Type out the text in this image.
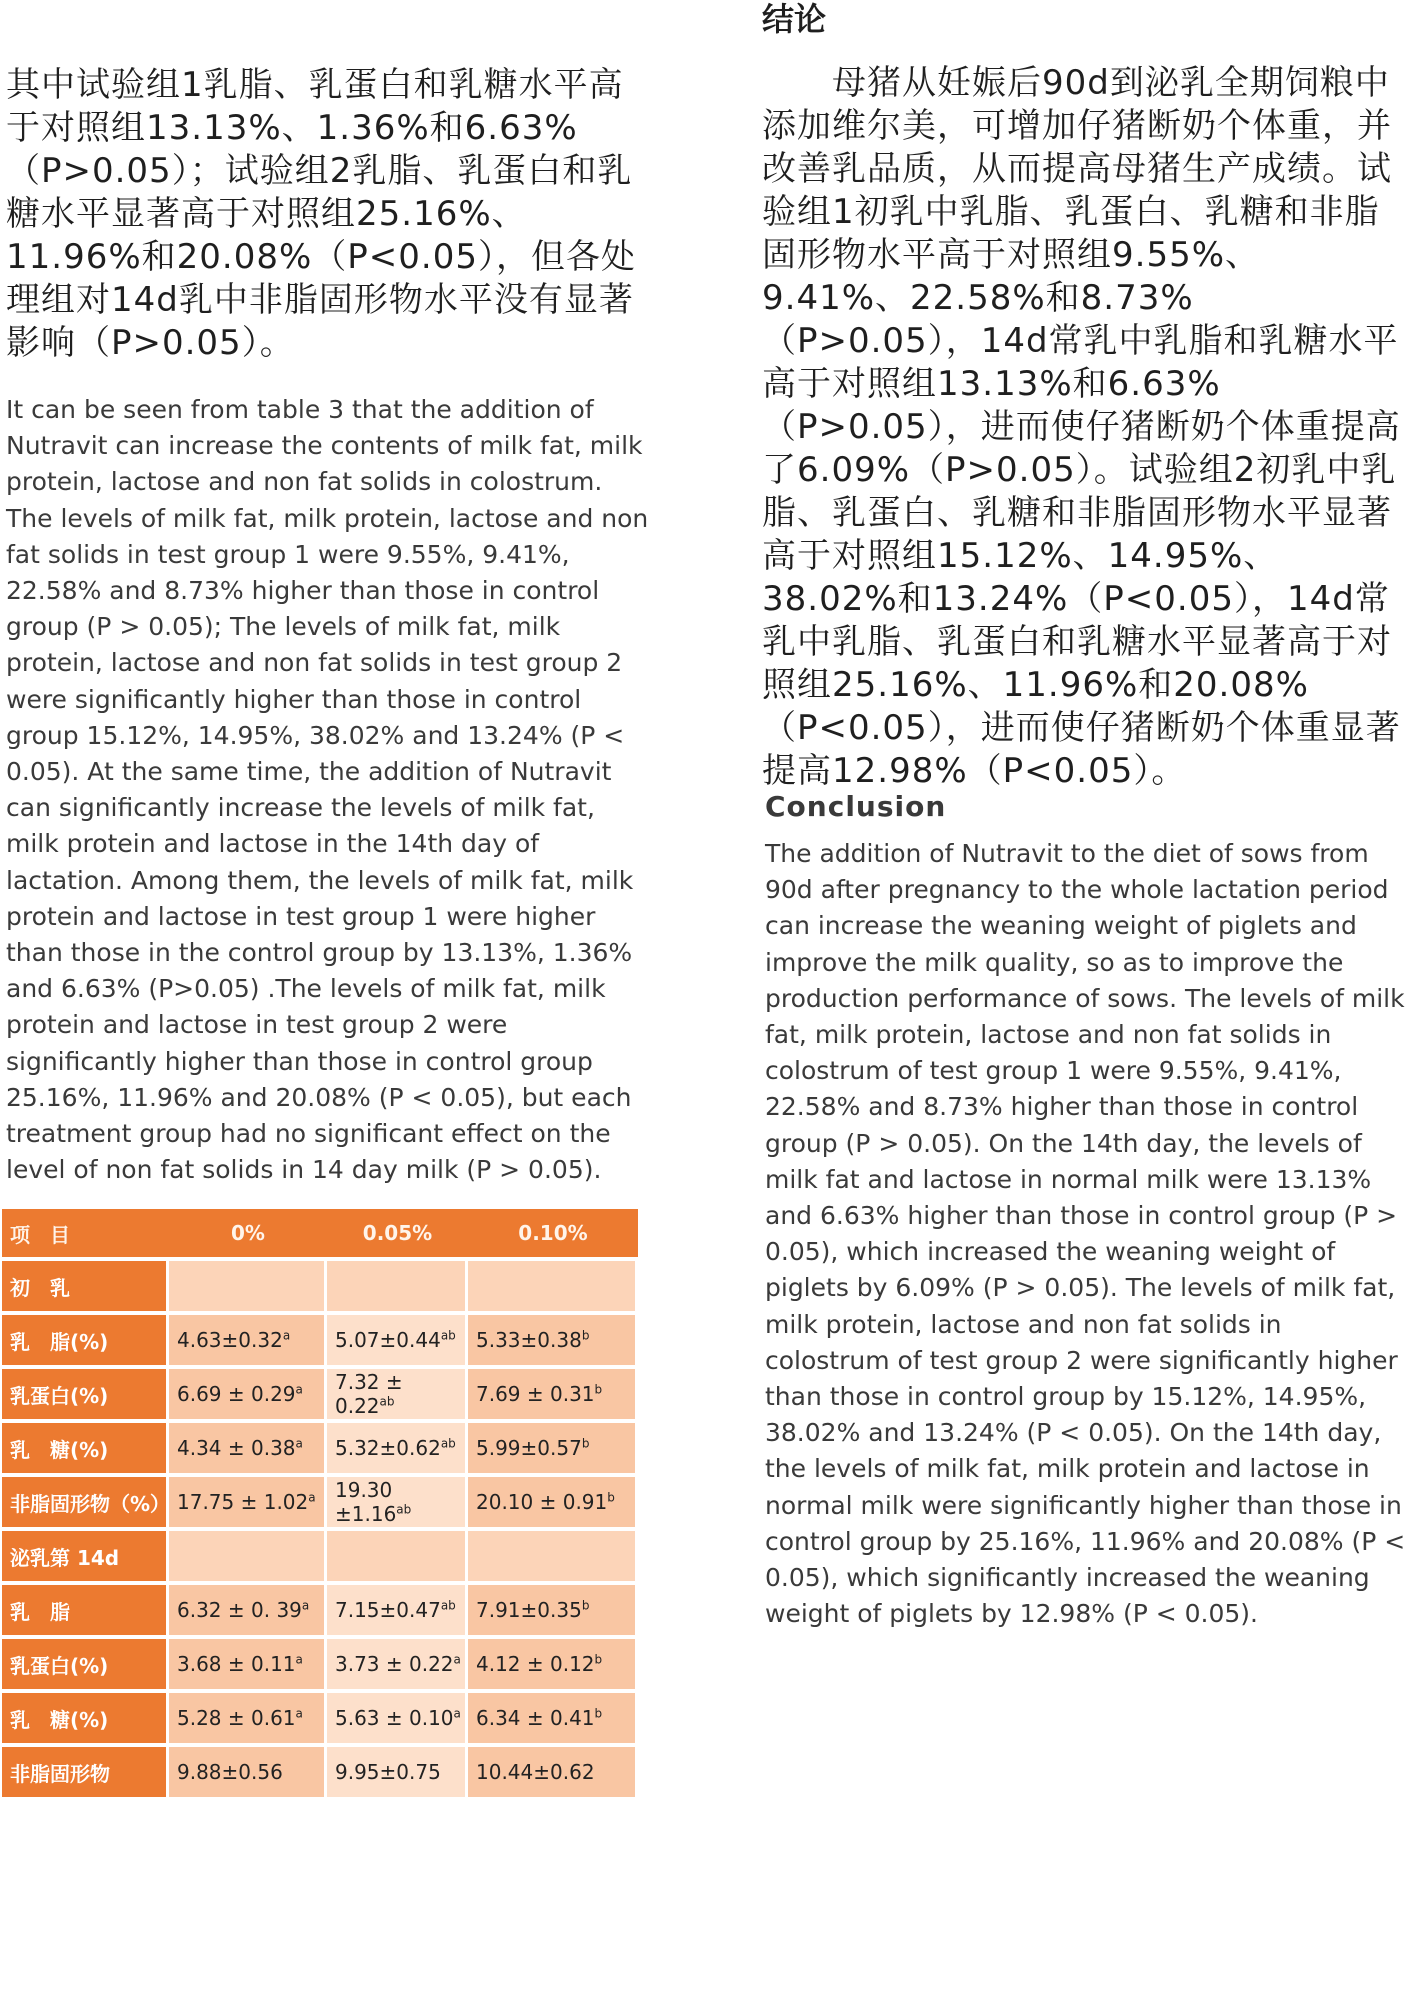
其中试验组1乳脂、乳蛋白和乳糖水平高于对照组13.13%、1.36%和6.63%（P>0.05）；试验组2乳脂、乳蛋白和乳糖水平显著高于对照组25.16%、11.96%和20.08%（P<0.05），但各处理组对14d乳中非脂固形物水平没有显著影响（P>0.05）。

It can be seen from table 3 that the addition of Nutravit can increase the contents of milk fat, milk protein, lactose and non fat solids in colostrum. The levels of milk fat, milk protein, lactose and non fat solids in test group 1 were 9.55%, 9.41%, 22.58% and 8.73% higher than those in control group (P > 0.05); The levels of milk fat, milk protein, lactose and non fat solids in test group 2 were significantly higher than those in control group 15.12%, 14.95%, 38.02% and 13.24% (P < 0.05). At the same time, the addition of Nutravit can significantly increase the levels of milk fat, milk protein and lactose in the 14th day of lactation. Among them, the levels of milk fat, milk protein and lactose in test group 1 were higher than those in the control group by 13.13%, 1.36% and 6.63% (P>0.05) .The levels of milk fat, milk protein and lactose in test group 2 were significantly higher than those in control group 25.16%, 11.96% and 20.08% (P < 0.05), but each treatment group had no significant effect on the level of non fat solids in 14 day milk (P > 0.05).

项　目	0%	0.05%	0.10%
初　乳			
乳　脂(%)	4.63±0.32$^a$	5.07±0.44$^{ab}$	5.33±0.38$^b$
乳蛋白(%)	6.69 ± 0.29$^a$	7.32 ± 0.22$^{ab}$	7.69 ± 0.31$^b$
乳　糖(%)	4.34 ± 0.38$^a$	5.32±0.62$^{ab}$	5.99±0.57$^b$
非脂固形物（%）	17.75 ± 1.02$^a$	19.30 ±1.16$^{ab}$	20.10 ± 0.91$^b$
泌乳第 14d			
乳　脂	6.32 ± 0. 39$^a$	7.15±0.47$^{ab}$	7.91±0.35$^b$
乳蛋白(%)	3.68 ± 0.11$^a$	3.73 ± 0.22$^a$	4.12 ± 0.12$^b$
乳　糖(%)	5.28 ± 0.61$^a$	5.63 ± 0.10$^a$	6.34 ± 0.41$^b$
非脂固形物	9.88±0.56	9.95±0.75	10.44±0.62
结论

　　母猪从妊娠后90d到泌乳全期饲粮中添加维尔美，可增加仔猪断奶个体重，并改善乳品质，从而提高母猪生产成绩。试验组1初乳中乳脂、乳蛋白、乳糖和非脂固形物水平高于对照组9.55%、9.41%、22.58%和8.73%（P>0.05），14d常乳中乳脂和乳糖水平高于对照组13.13%和6.63%（P>0.05），进而使仔猪断奶个体重提高了6.09%（P>0.05）。试验组2初乳中乳脂、乳蛋白、乳糖和非脂固形物水平显著高于对照组15.12%、14.95%、38.02%和13.24%（P<0.05），14d常乳中乳脂、乳蛋白和乳糖水平显著高于对照组25.16%、11.96%和20.08%（P<0.05），进而使仔猪断奶个体重显著提高12.98%（P<0.05）。

Conclusion

The addition of Nutravit to the diet of sows from 90d after pregnancy to the whole lactation period can increase the weaning weight of piglets and improve the milk quality, so as to improve the production performance of sows. The levels of milk fat, milk protein, lactose and non fat solids in colostrum of test group 1 were 9.55%, 9.41%, 22.58% and 8.73% higher than those in control group (P > 0.05). On the 14th day, the levels of milk fat and lactose in normal milk were 13.13% and 6.63% higher than those in control group (P > 0.05), which increased the weaning weight of piglets by 6.09% (P > 0.05). The levels of milk fat, milk protein, lactose and non fat solids in colostrum of test group 2 were significantly higher than those in control group by 15.12%, 14.95%, 38.02% and 13.24% (P < 0.05). On the 14th day, the levels of milk fat, milk protein and lactose in normal milk were significantly higher than those in control group by 25.16%, 11.96% and 20.08% (P < 0.05), which significantly increased the weaning weight of piglets by 12.98% (P < 0.05).
